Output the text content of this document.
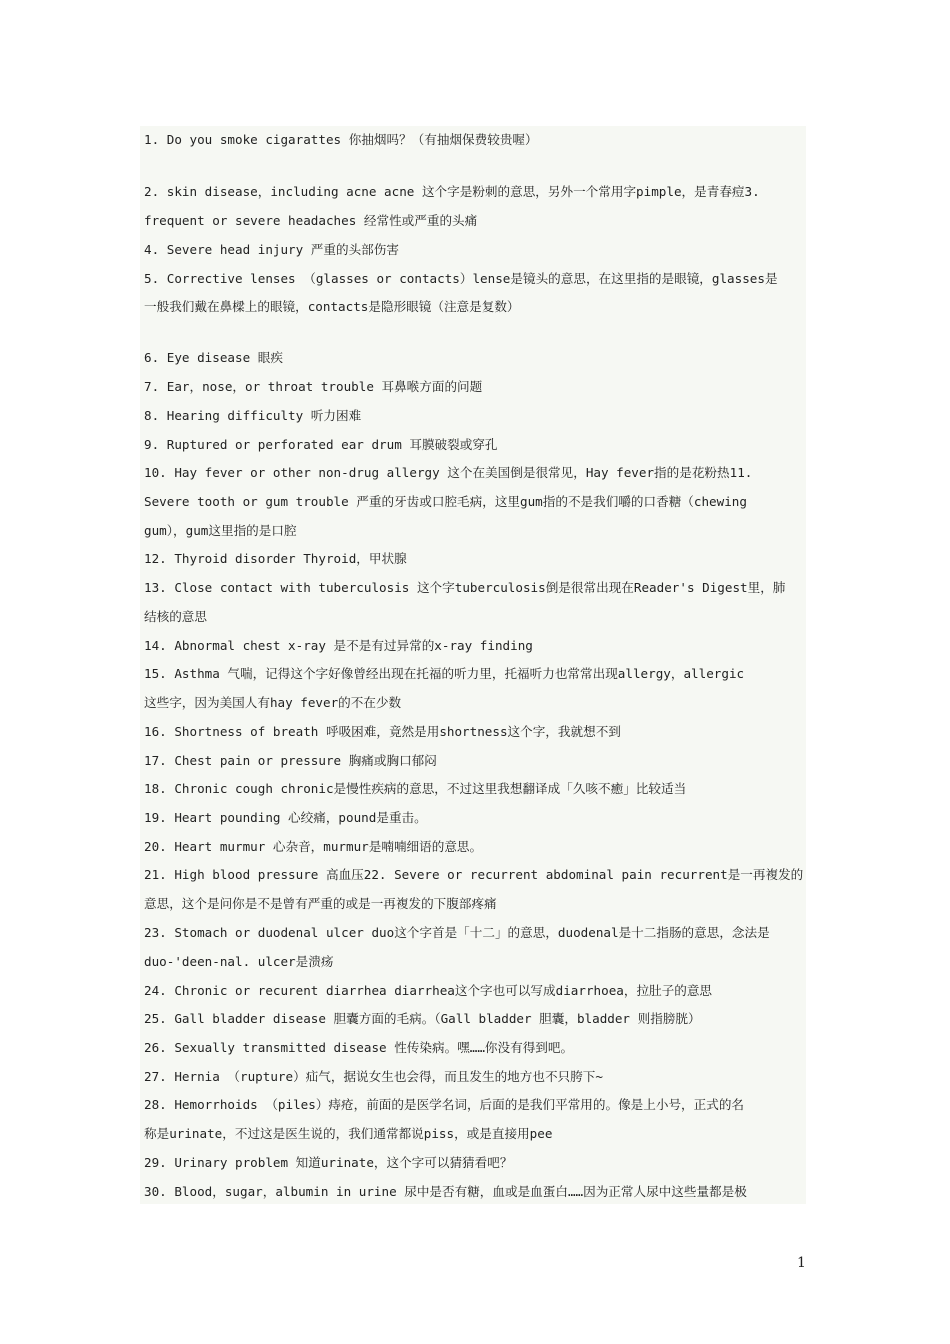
1. Do you smoke cigarattes 你抽烟吗？（有抽烟保费较贵喔）
2. skin disease，including acne acne 这个字是粉刺的意思，另外一个常用字pimple，是青春痘3.
frequent or severe headaches 经常性或严重的头痛
4. Severe head injury 严重的头部伤害
5. Corrective lenses （glasses or contacts）lense是镜头的意思，在这里指的是眼镜，glasses是
一般我们戴在鼻樑上的眼镜，contacts是隐形眼镜（注意是复数）
6. Eye disease 眼疾
7. Ear，nose，or throat trouble 耳鼻喉方面的问题
8. Hearing difficulty 听力困难
9. Ruptured or perforated ear drum 耳膜破裂或穿孔
10. Hay fever or other non-drug allergy 这个在美国倒是很常见，Hay fever指的是花粉热11.
Severe tooth or gum trouble 严重的牙齿或口腔毛病，这里gum指的不是我们嚼的口香糖（chewing
gum），gum这里指的是口腔
12. Thyroid disorder Thyroid，甲状腺
13. Close contact with tuberculosis 这个字tuberculosis倒是很常出现在Reader's Digest里，肺
结核的意思
14. Abnormal chest x-ray 是不是有过异常的x-ray finding
15. Asthma 气喘，记得这个字好像曾经出现在托福的听力里，托福听力也常常出现allergy，allergic
这些字，因为美国人有hay fever的不在少数
16. Shortness of breath 呼吸困难，竟然是用shortness这个字，我就想不到
17. Chest pain or pressure 胸痛或胸口郁闷
18. Chronic cough chronic是慢性疾病的意思，不过这里我想翻译成「久咳不癒」比较适当
19. Heart pounding 心绞痛，pound是重击。
20. Heart murmur 心杂音，murmur是喃喃细语的意思。
21. High blood pressure 高血压22. Severe or recurrent abdominal pain recurrent是一再複发的
意思，这个是问你是不是曾有严重的或是一再複发的下腹部疼痛
23. Stomach or duodenal ulcer duo这个字首是「十二」的意思，duodenal是十二指肠的意思，念法是
duo-'deen-nal. ulcer是溃疡
24. Chronic or recurent diarrhea diarrhea这个字也可以写成diarrhoea，拉肚子的意思
25. Gall bladder disease 胆囊方面的毛病。（Gall bladder 胆囊，bladder 则指膀胱）
26. Sexually transmitted disease 性传染病。嘿……你没有得到吧。
27. Hernia （rupture）疝气，据说女生也会得，而且发生的地方也不只胯下~
28. Hemorrhoids （piles）痔疮，前面的是医学名词，后面的是我们平常用的。像是上小号，正式的名
称是urinate，不过这是医生说的，我们通常都说piss，或是直接用pee
29. Urinary problem 知道urinate，这个字可以猜猜看吧？
30. Blood，sugar，albumin in urine 尿中是否有糖，血或是血蛋白……因为正常人尿中这些量都是极
1
